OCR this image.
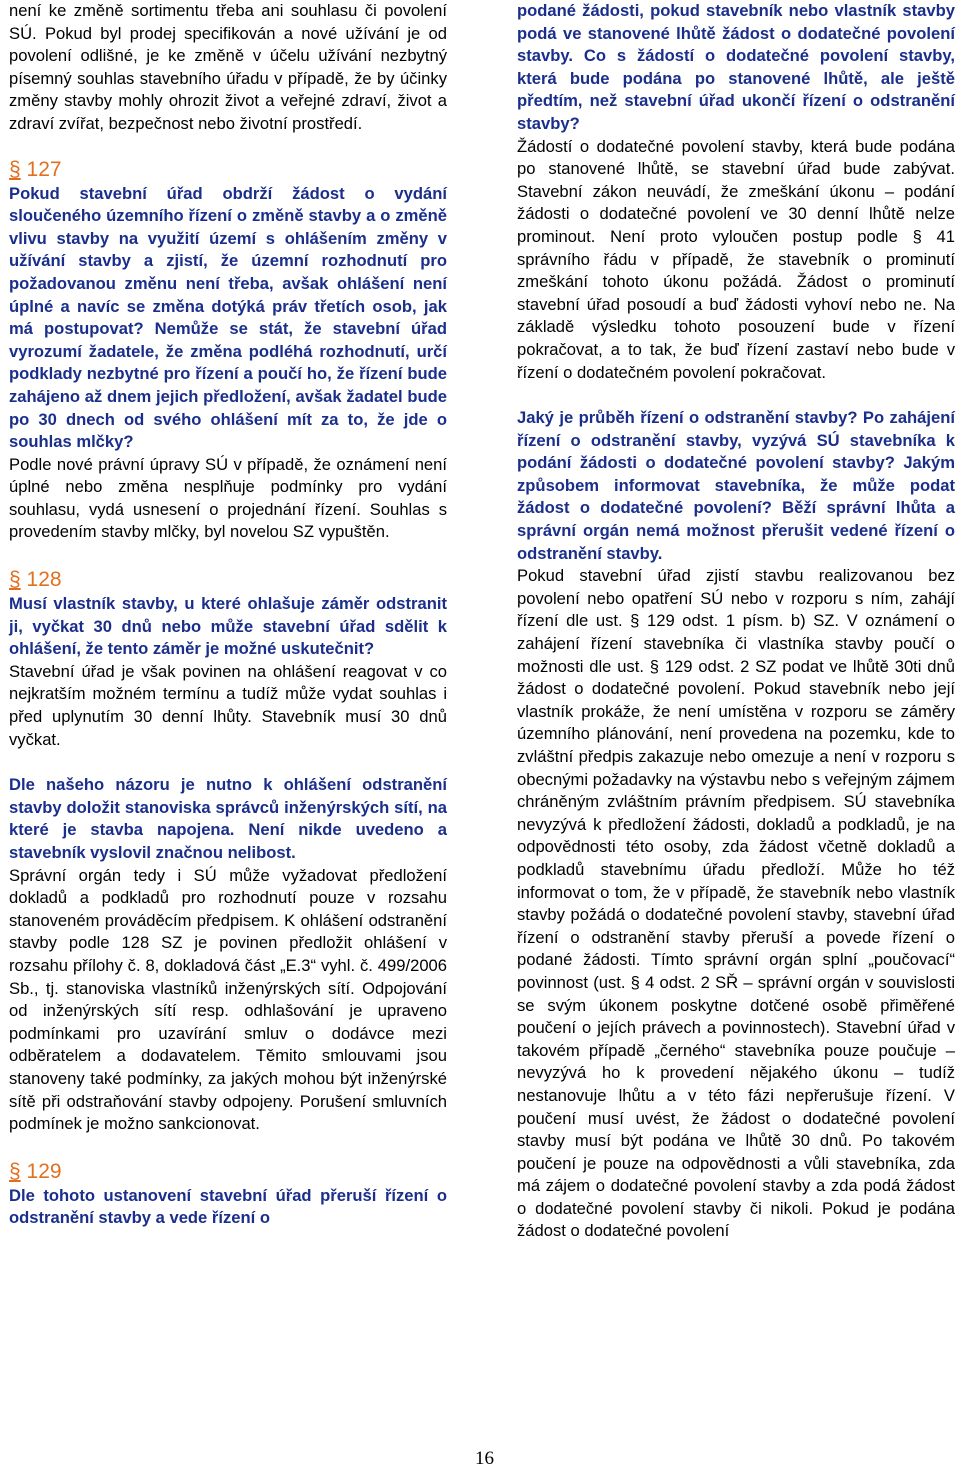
není ke změně sortimentu třeba ani souhlasu či povolení SÚ. Pokud byl prodej specifikován a nové užívání je od povolení odlišné, je ke změně v účelu užívání nezbytný písemný souhlas stavebního úřadu v případě, že by účinky změny stavby mohly ohrozit život a veřejné zdraví, život a zdraví zvířat, bezpečnost nebo životní prostředí.

§ 127

Pokud stavební úřad obdrží žádost o vydání sloučeného územního řízení o změně stavby a o změně vlivu stavby na využití území s ohlášením změny v užívání stavby a zjistí, že územní rozhodnutí pro požadovanou změnu není třeba, avšak ohlášení není úplné a navíc se změna dotýká práv třetích osob, jak má postupovat? Nemůže se stát, že stavební úřad vyrozumí žadatele, že změna podléhá rozhodnutí, určí podklady nezbytné pro řízení a poučí ho, že řízení bude zahájeno až dnem jejich předložení, avšak žadatel bude po 30 dnech od svého ohlášení mít za to, že jde o souhlas mlčky?

Podle nové právní úpravy SÚ v případě, že oznámení není úplné nebo změna nesplňuje podmínky pro vydání souhlasu, vydá usnesení o projednání řízení. Souhlas s provedením stavby mlčky, byl novelou SZ vypuštěn.

§ 128

Musí vlastník stavby, u které ohlašuje záměr odstranit ji, vyčkat 30 dnů nebo může stavební úřad sdělit k ohlášení, že tento záměr je možné uskutečnit?

Stavební úřad je však povinen na ohlášení reagovat v co nejkratším možném termínu a tudíž může vydat souhlas i před uplynutím 30 denní lhůty. Stavebník musí 30 dnů vyčkat.

Dle našeho názoru je nutno k ohlášení odstranění stavby doložit stanoviska správců inženýrských sítí, na které je stavba napojena. Není nikde uvedeno a stavebník vyslovil značnou nelibost.

Správní orgán tedy i SÚ může vyžadovat předložení dokladů a podkladů pro rozhodnutí pouze v rozsahu stanoveném prováděcím předpisem. K ohlášení odstranění stavby podle 128 SZ je povinen předložit ohlášení v rozsahu přílohy č. 8, dokladová část „E.3“ vyhl. č. 499/2006 Sb., tj. stanoviska vlastníků inženýrských sítí. Odpojování od inženýrských sítí resp. odhlašování je upraveno podmínkami pro uzavírání smluv o dodávce mezi odběratelem a dodavatelem. Těmito smlouvami jsou stanoveny také podmínky, za jakých mohou být inženýrské sítě při odstraňování stavby odpojeny. Porušení smluvních podmínek je možno sankcionovat.

§ 129

Dle tohoto ustanovení stavební úřad přeruší řízení o odstranění stavby a vede řízení o

podané žádosti, pokud stavebník nebo vlastník stavby podá ve stanovené lhůtě žádost o dodatečné povolení stavby. Co s žádostí o dodatečné povolení stavby, která bude podána po stanovené lhůtě, ale ještě předtím, než stavební úřad ukončí řízení o odstranění stavby?

Žádostí o dodatečné povolení stavby, která bude podána po stanovené lhůtě, se stavební úřad bude zabývat. Stavební zákon neuvádí, že zmeškání úkonu – podání žádosti o dodatečné povolení ve 30 denní lhůtě nelze prominout. Není proto vyloučen postup podle § 41 správního řádu v případě, že stavebník o prominutí zmeškání tohoto úkonu požádá. Žádost o prominutí stavební úřad posoudí a buď žádosti vyhoví nebo ne. Na základě výsledku tohoto posouzení bude v řízení pokračovat, a to tak, že buď řízení zastaví nebo bude v řízení o dodatečném povolení pokračovat.

Jaký je průběh řízení o odstranění stavby? Po zahájení řízení o odstranění stavby, vyzývá SÚ stavebníka k podání žádosti o dodatečné povolení stavby? Jakým způsobem informovat stavebníka, že může podat žádost o dodatečné povolení? Běží správní lhůta a správní orgán nemá možnost přerušit vedené řízení o odstranění stavby.

Pokud stavební úřad zjistí stavbu realizovanou bez povolení nebo opatření SÚ nebo v rozporu s ním, zahájí řízení dle ust. § 129 odst. 1 písm. b) SZ. V oznámení o zahájení řízení stavebníka či vlastníka stavby poučí o možnosti dle ust. § 129 odst. 2 SZ podat ve lhůtě 30ti dnů žádost o dodatečné povolení. Pokud stavebník nebo její vlastník prokáže, že není umístěna v rozporu se záměry územního plánování, není provedena na pozemku, kde to zvláštní předpis zakazuje nebo omezuje a není v rozporu s obecnými požadavky na výstavbu nebo s veřejným zájmem chráněným zvláštním právním předpisem. SÚ stavebníka nevyzývá k předložení žádosti, dokladů a podkladů, je na odpovědnosti této osoby, zda žádost včetně dokladů a podkladů stavebnímu úřadu předloží. Může ho též informovat o tom, že v případě, že stavebník nebo vlastník stavby požádá o dodatečné povolení stavby, stavební úřad řízení o odstranění stavby přeruší a povede řízení o podané žádosti. Tímto správní orgán splní „poučovací“ povinnost (ust. § 4 odst. 2 SŘ – správní orgán v souvislosti se svým úkonem poskytne dotčené osobě přiměřené poučení o jejích právech a povinnostech). Stavební úřad v takovém případě „černého“ stavebníka pouze poučuje – nevyzývá ho k provedení nějakého úkonu – tudíž nestanovuje lhůtu a v této fázi nepřerušuje řízení. V poučení musí uvést, že žádost o dodatečné povolení stavby musí být podána ve lhůtě 30 dnů. Po takovém poučení je pouze na odpovědnosti a vůli stavebníka, zda má zájem o dodatečné povolení stavby a zda podá žádost o dodatečné povolení stavby či nikoli. Pokud je podána žádost o dodatečné povolení

16
